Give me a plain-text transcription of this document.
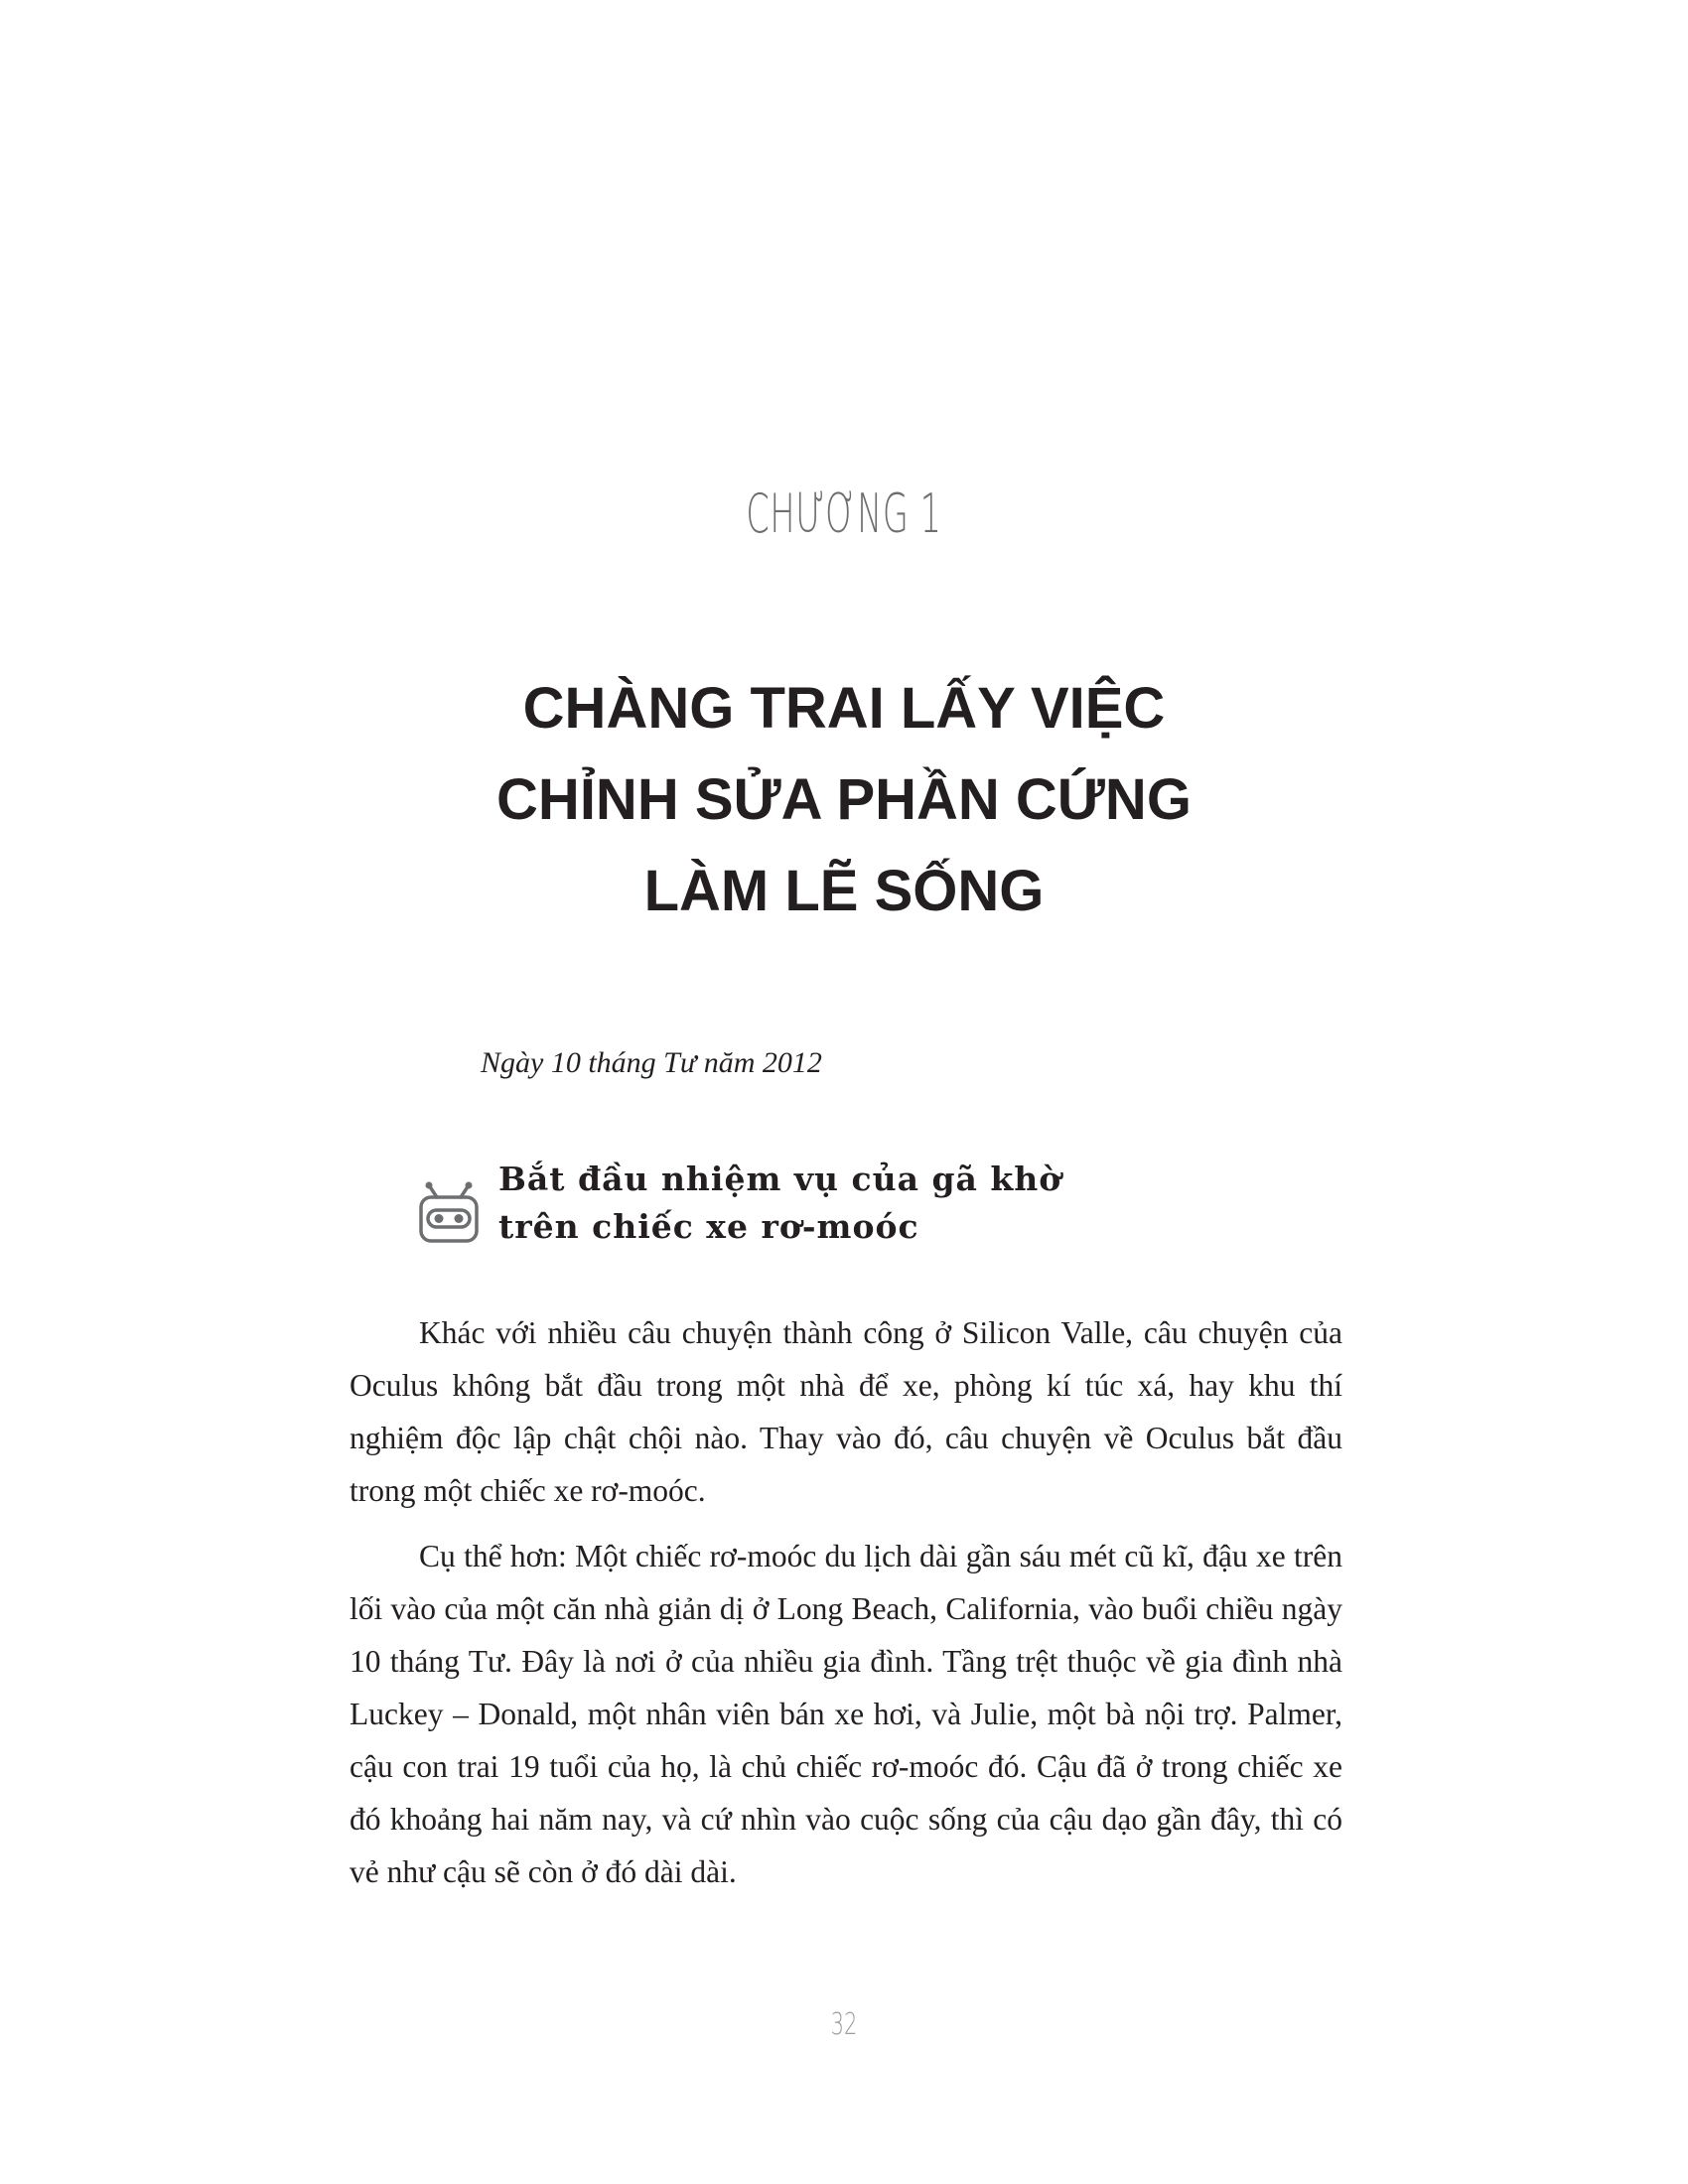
CHƯƠNG 1
CHÀNG TRAI LẤY VIỆC
CHỈNH SỬA PHẦN CỨNG
LÀM LẼ SỐNG
Ngày 10 tháng Tư năm 2012
Bắt đầu nhiệm vụ của gã khờ
trên chiếc xe rơ-moóc

Khác với nhiều câu chuyện thành công ở Silicon Valle, câu chuyện của Oculus không bắt đầu trong một nhà để xe, phòng kí túc xá, hay khu thí nghiệm độc lập chật chội nào. Thay vào đó, câu chuyện về Oculus bắt đầu trong một chiếc xe rơ-moóc.

Cụ thể hơn: Một chiếc rơ-moóc du lịch dài gần sáu mét cũ kĩ, đậu xe trên lối vào của một căn nhà giản dị ở Long Beach, California, vào buổi chiều ngày 10 tháng Tư. Đây là nơi ở của nhiều gia đình. Tầng trệt thuộc về gia đình nhà Luckey – Donald, một nhân viên bán xe hơi, và Julie, một bà nội trợ. Palmer, cậu con trai 19 tuổi của họ, là chủ chiếc rơ-moóc đó. Cậu đã ở trong chiếc xe đó khoảng hai năm nay, và cứ nhìn vào cuộc sống của cậu dạo gần đây, thì có vẻ như cậu sẽ còn ở đó dài dài.

32
